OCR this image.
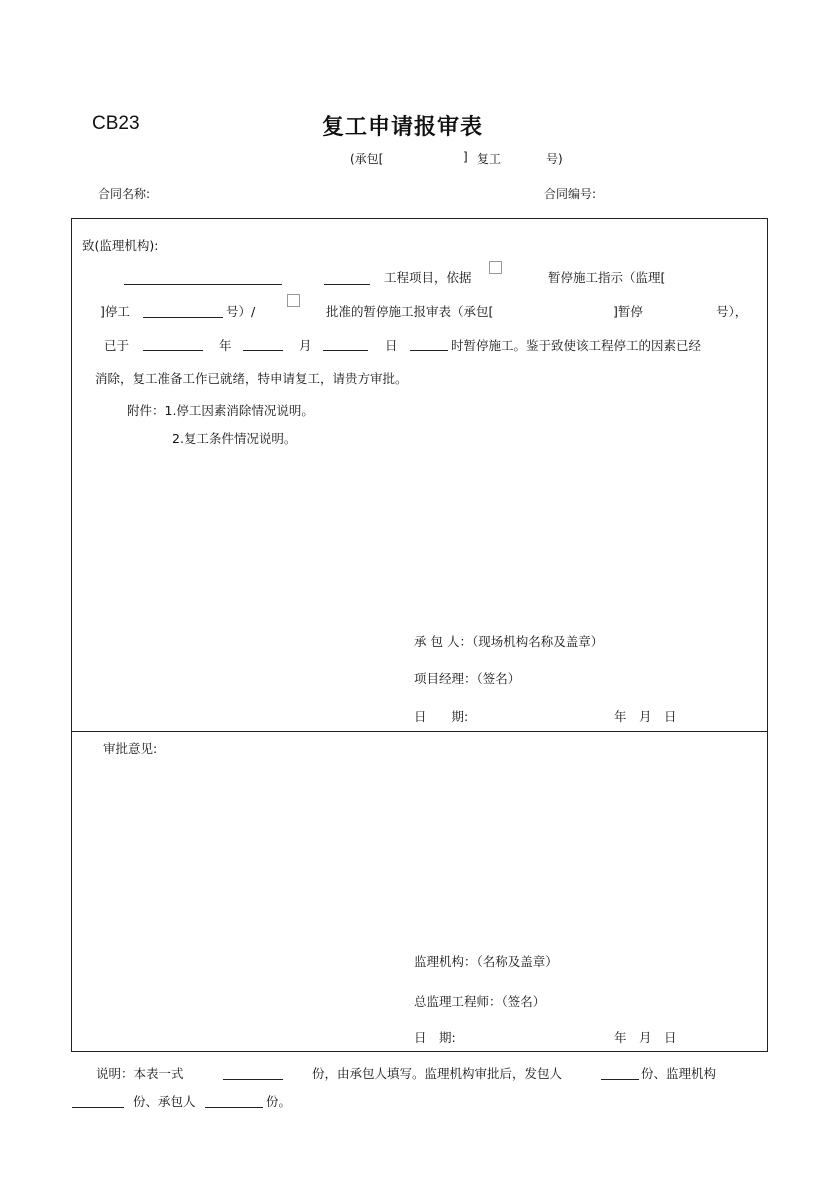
CB23	复工申请报审表
(承包[	] 复工	号)
合同名称:	合同编号:
致(监理机构):
工程项目，依据	暂停施工指示（监理[
]停工	号）/	批准的暂停施工报审表（承包[	]暂停	号），
已于	年	月	日	时暂停施工。鉴于致使该工程停工的因素已经
消除，复工准备工作已就绪，特申请复工，请贵方审批。
附件：1.停工因素消除情况说明。
2.复工条件情况说明。
承 包 人：（现场机构名称及盖章）
项目经理：（签名）
日　　期:	年　月　日
审批意见:
监理机构：（名称及盖章）
总监理工程师：（签名）
日　期:	年　月　日
说明：本表一式	份，由承包人填写。监理机构审批后，发包人	份、监理机构
份、承包人	份。
